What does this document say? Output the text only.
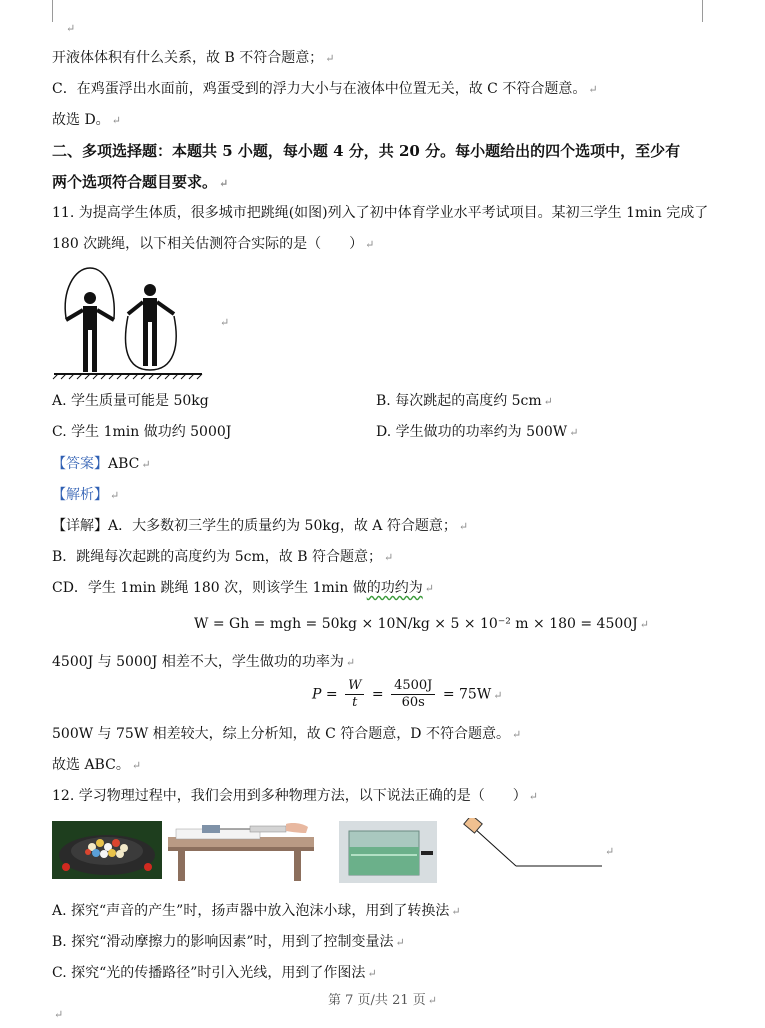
↵
开液体体积有什么关系，故 B 不符合题意； ↵
C．在鸡蛋浮出水面前，鸡蛋受到的浮力大小与在液体中位置无关，故 C 不符合题意。 ↵
故选 D。 ↵
二、多项选择题：本题共 5 小题，每小题 4 分，共 20 分。每小题给出的四个选项中，至少有
两个选项符合题目要求。 ↵
11. 为提高学生体质，很多城市把跳绳(如图)列入了初中体育学业水平考试项目。某初三学生 1min 完成了
180 次跳绳，以下相关估测符合实际的是（　　） ↵
↵
A. 学生质量可能是 50kg	B. 每次跳起的高度约 5cm ↵
C. 学生 1min 做功约 5000J	D. 学生做功的功率约为 500W ↵
【答案】ABC ↵
【解析】 ↵
【详解】A．大多数初三学生的质量约为 50kg，故 A 符合题意； ↵
B．跳绳每次起跳的高度约为 5cm，故 B 符合题意； ↵
CD．学生 1min 跳绳 180 次，则该学生 1min 做的功约为 ↵
W = Gh = mgh = 50kg × 10N/kg × 5 × 10⁻² m × 180 = 4500J ↵
4500J 与 5000J 相差不大，学生做功的功率为 ↵
$P = \frac{W}{t} = \frac{4500J}{60s} = 75W$ ↵
500W 与 75W 相差较大，综上分析知，故 C 符合题意，D 不符合题意。 ↵
故选 ABC。 ↵
12. 学习物理过程中，我们会用到多种物理方法，以下说法正确的是（　　） ↵
↵
A. 探究“声音的产生”时，扬声器中放入泡沫小球，用到了转换法 ↵
B. 探究“滑动摩擦力的影响因素”时，用到了控制变量法 ↵
C. 探究“光的传播路径”时引入光线，用到了作图法 ↵
第 7 页/共 21 页 ↵
↵
